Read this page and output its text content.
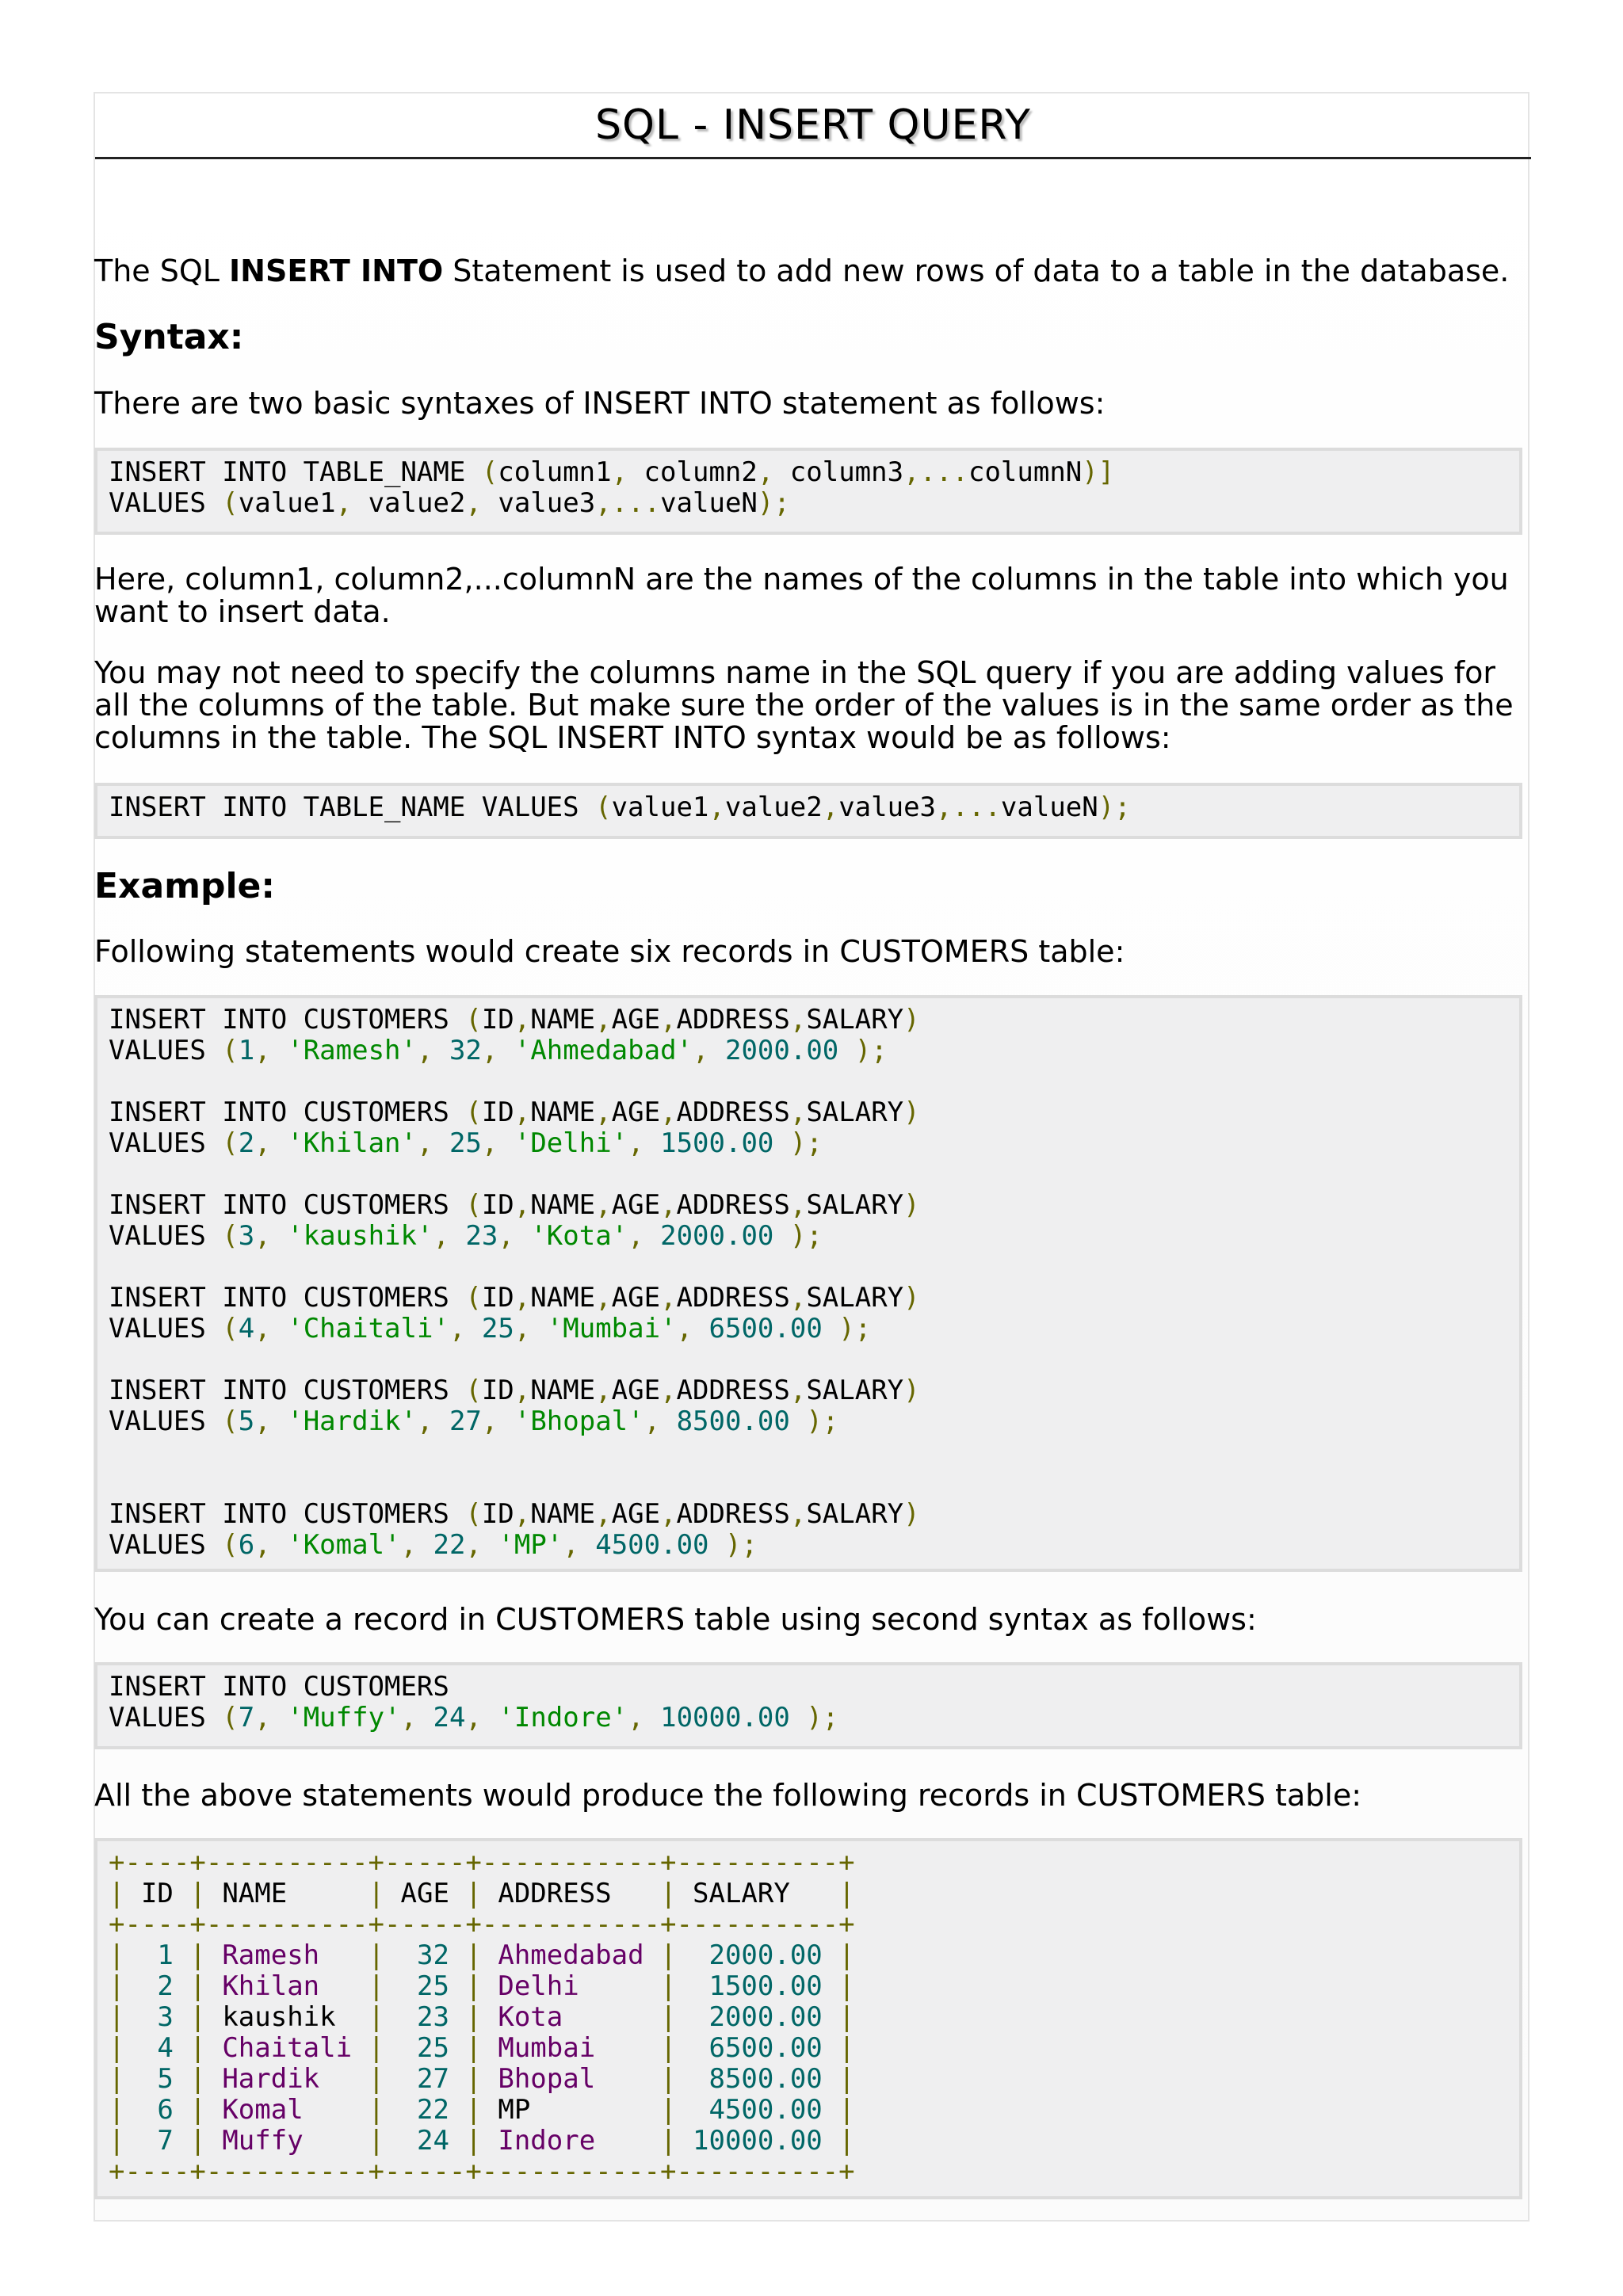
SQL - INSERT QUERY
The SQL INSERT INTO Statement is used to add new rows of data to a table in the database.
Syntax:
There are two basic syntaxes of INSERT INTO statement as follows:
INSERT INTO TABLE_NAME (column1, column2, column3,...columnN)]
VALUES (value1, value2, value3,...valueN);
Here, column1, column2,...columnN are the names of the columns in the table into which you want to insert data.
You may not need to specify the columns name in the SQL query if you are adding values for all the columns of the table. But make sure the order of the values is in the same order as the columns in the table. The SQL INSERT INTO syntax would be as follows:
INSERT INTO TABLE_NAME VALUES (value1,value2,value3,...valueN);
Example:
Following statements would create six records in CUSTOMERS table:
INSERT INTO CUSTOMERS (ID,NAME,AGE,ADDRESS,SALARY)
VALUES (1, 'Ramesh', 32, 'Ahmedabad', 2000.00 );
INSERT INTO CUSTOMERS (ID,NAME,AGE,ADDRESS,SALARY)
VALUES (2, 'Khilan', 25, 'Delhi', 1500.00 );
INSERT INTO CUSTOMERS (ID,NAME,AGE,ADDRESS,SALARY)
VALUES (3, 'kaushik', 23, 'Kota', 2000.00 );
INSERT INTO CUSTOMERS (ID,NAME,AGE,ADDRESS,SALARY)
VALUES (4, 'Chaitali', 25, 'Mumbai', 6500.00 );
INSERT INTO CUSTOMERS (ID,NAME,AGE,ADDRESS,SALARY)
VALUES (5, 'Hardik', 27, 'Bhopal', 8500.00 );
INSERT INTO CUSTOMERS (ID,NAME,AGE,ADDRESS,SALARY)
VALUES (6, 'Komal', 22, 'MP', 4500.00 );
You can create a record in CUSTOMERS table using second syntax as follows:
INSERT INTO CUSTOMERS
VALUES (7, 'Muffy', 24, 'Indore', 10000.00 );
All the above statements would produce the following records in CUSTOMERS table:
+----+----------+-----+-----------+----------+
| ID | NAME     | AGE | ADDRESS   | SALARY   |
+----+----------+-----+-----------+----------+
|  1 | Ramesh   |  32 | Ahmedabad |  2000.00 |
|  2 | Khilan   |  25 | Delhi     |  1500.00 |
|  3 | kaushik  |  23 | Kota      |  2000.00 |
|  4 | Chaitali |  25 | Mumbai    |  6500.00 |
|  5 | Hardik   |  27 | Bhopal    |  8500.00 |
|  6 | Komal    |  22 | MP        |  4500.00 |
|  7 | Muffy    |  24 | Indore    | 10000.00 |
+----+----------+-----+-----------+----------+
